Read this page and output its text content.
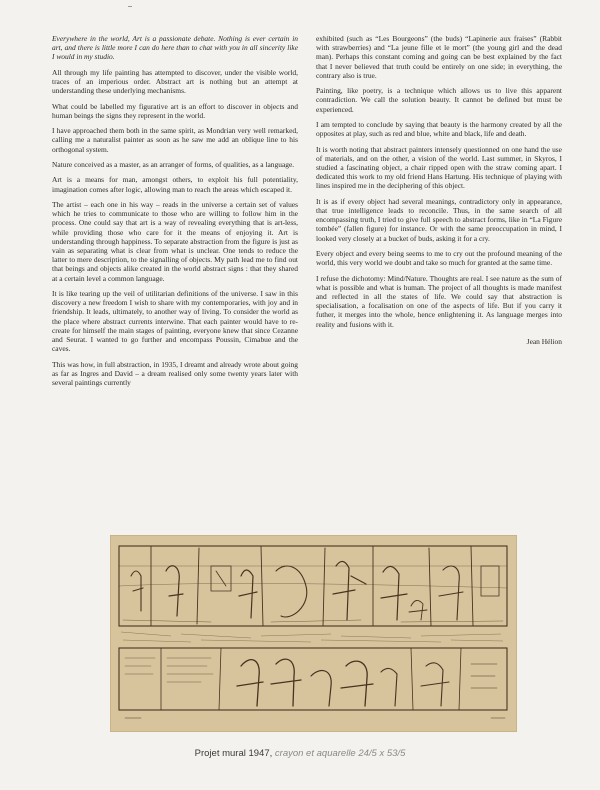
Everywhere in the world, Art is a passionate debate. Nothing is ever certain in art, and there is little more I can do here than to chat with you in all sincerity like I would in my studio.

All through my life painting has attempted to discover, under the visible world, traces of an imperious order. Abstract art is nothing but an attempt at understanding these underlying mechanisms.

What could be labelled my figurative art is an effort to discover in objects and human beings the signs they represent in the world.

I have approached them both in the same spirit, as Mondrian very well remarked, calling me a naturalist painter as soon as he saw me add an oblique line to his orthogonal system.

Nature conceived as a master, as an arranger of forms, of qualities, as a language.

Art is a means for man, amongst others, to exploit his full potentiality, imagination comes after logic, allowing man to reach the areas which escaped it.

The artist – each one in his way – reads in the universe a certain set of values which he tries to communicate to those who are willing to follow him in the process. One could say that art is a way of revealing everything that is art-less, while providing those who care for it the means of enjoying it. Art is understanding through happiness. To separate abstraction from the figure is just as vain as separating what is clear from what is unclear. One tends to reduce the latter to mere description, to the signalling of objects. My path lead me to find out that beings and objects alike created in the world abstract signs : that they shared at a certain level a common language.

It is like tearing up the veil of utilitarian definitions of the universe. I saw in this discovery a new freedom I wish to share with my contemporaries, with joy and in friendship. It leads, ultimately, to another way of living. To consider the world as the place where abstract currents interwine. That each painter would have to re-create for himself the main stages of painting, everyone knew that since Cezanne and Seurat. I wanted to go further and encompass Poussin, Cimabue and the caves.

This was how, in full abstraction, in 1935, I dreamt and already wrote about going as far as Ingres and David – a dream realised only some twenty years later with several paintings currently

exhibited (such as “Les Bourgeons” (the buds) “Lapinerie aux fraises” (Rabbit with strawberries) and “La jeune fille et le mort” (the young girl and the dead man). Perhaps this constant coming and going can be best explained by the fact that I never believed that truth could be entirely on one side; in everything, the contrary also is true.

Painting, like poetry, is a technique which allows us to live this apparent contradiction. We call the solution beauty. It cannot be defined but must be experienced.

I am tempted to conclude by saying that beauty is the harmony created by all the opposites at play, such as red and blue, white and black, life and death.

It is worth noting that abstract painters intensely questionned on one hand the use of materials, and on the other, a vision of the world. Last summer, in Skyros, I studied a fascinating object, a chair ripped open with the straw coming apart. I dedicated this work to my old friend Hans Hartung. His technique of playing with lines inspired me in the deciphering of this object.

It is as if every object had several meanings, contradictory only in appearance, that true intelligence leads to reconcile. Thus, in the same search of all encompassing truth, I tried to give full speech to abstract forms, like in “La Figure tombée” (fallen figure) for instance. Or with the same preoccupation in mind, I looked very closely at a bucket of buds, asking it for a cry.

Every object and every being seems to me to cry out the profound meaning of the world, this very world we doubt and take so much for granted at the same time.

I refuse the dichotomy: Mind/Nature. Thoughts are real. I see nature as the sum of what is possible and what is human. The project of all thoughts is made manifest and reflected in all the states of life. We could say that abstraction is specialisation, a focalisation on one of the aspects of life. But if you carry it futher, it merges into the whole, hence enlightening it. As language merges into reality and fusions with it.

Jean Hélion

Projet mural 1947, crayon et aquarelle 24/5 x 53/5
